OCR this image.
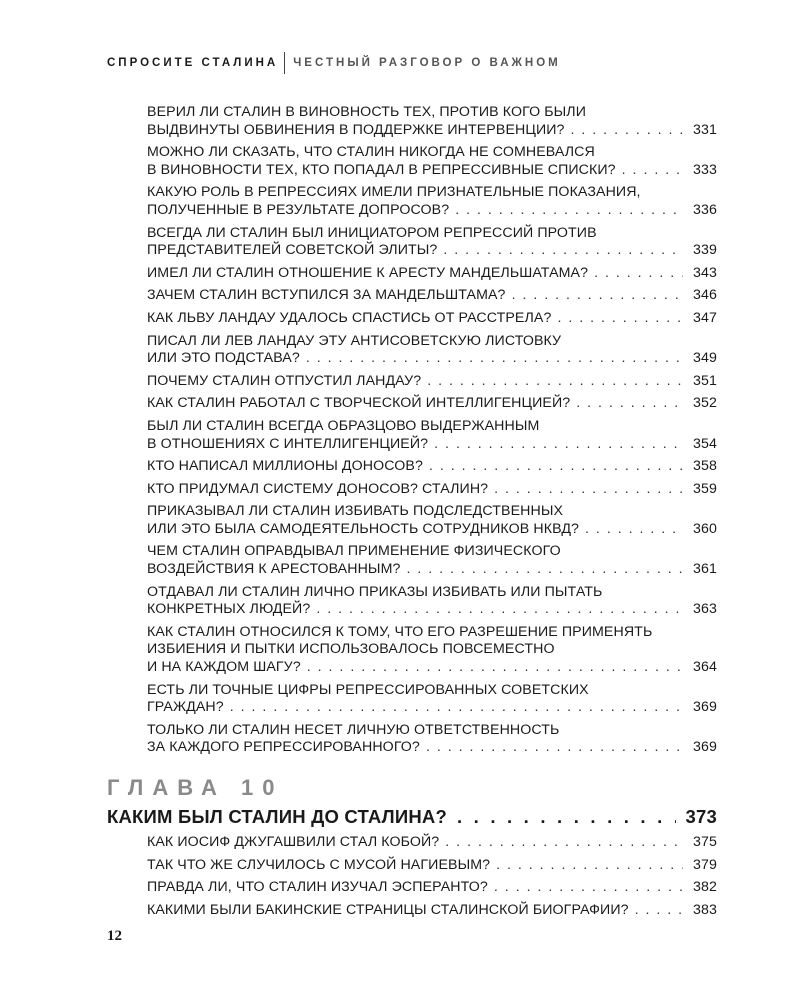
СПРОСИТЕ СТАЛИНА ЧЕСТНЫЙ РАЗГОВОР О ВАЖНОМ
ВЕРИЛ ЛИ СТАЛИН В ВИНОВНОСТЬ ТЕХ, ПРОТИВ КОГО БЫЛИ
ВЫДВИНУТЫ ОБВИНЕНИЯ В ПОДДЕРЖКЕ ИНТЕРВЕНЦИИ? . . .	331
МОЖНО ЛИ СКАЗАТЬ, ЧТО СТАЛИН НИКОГДА НЕ СОМНЕВАЛСЯ
В ВИНОВНОСТИ ТЕХ, КТО ПОПАДАЛ В РЕПРЕССИВНЫЕ СПИСКИ? . . .	333
КАКУЮ РОЛЬ В РЕПРЕССИЯХ ИМЕЛИ ПРИЗНАТЕЛЬНЫЕ ПОКАЗАНИЯ,
ПОЛУЧЕННЫЕ В РЕЗУЛЬТАТЕ ДОПРОСОВ? . . .	336
ВСЕГДА ЛИ СТАЛИН БЫЛ ИНИЦИАТОРОМ РЕПРЕССИЙ ПРОТИВ
ПРЕДСТАВИТЕЛЕЙ СОВЕТСКОЙ ЭЛИТЫ? . . .	339
ИМЕЛ ЛИ СТАЛИН ОТНОШЕНИЕ К АРЕСТУ МАНДЕЛЬШАТАМА? . . .	343
ЗАЧЕМ СТАЛИН ВСТУПИЛСЯ ЗА МАНДЕЛЬШТАМА? . . .	346
КАК ЛЬВУ ЛАНДАУ УДАЛОСЬ СПАСТИСЬ ОТ РАССТРЕЛА? . . .	347
ПИСАЛ ЛИ ЛЕВ ЛАНДАУ ЭТУ АНТИСОВЕТСКУЮ ЛИСТОВКУ
ИЛИ ЭТО ПОДСТАВА? . . .	349
ПОЧЕМУ СТАЛИН ОТПУСТИЛ ЛАНДАУ? . . .	351
КАК СТАЛИН РАБОТАЛ С ТВОРЧЕСКОЙ ИНТЕЛЛИГЕНЦИЕЙ? . . .	352
БЫЛ ЛИ СТАЛИН ВСЕГДА ОБРАЗЦОВО ВЫДЕРЖАННЫМ
В ОТНОШЕНИЯХ С ИНТЕЛЛИГЕНЦИЕЙ? . . .	354
КТО НАПИСАЛ МИЛЛИОНЫ ДОНОСОВ? . . .	358
КТО ПРИДУМАЛ СИСТЕМУ ДОНОСОВ? СТАЛИН? . . .	359
ПРИКАЗЫВАЛ ЛИ СТАЛИН ИЗБИВАТЬ ПОДСЛЕДСТВЕННЫХ
ИЛИ ЭТО БЫЛА САМОДЕЯТЕЛЬНОСТЬ СОТРУДНИКОВ НКВД? . . .	360
ЧЕМ СТАЛИН ОПРАВДЫВАЛ ПРИМЕНЕНИЕ ФИЗИЧЕСКОГО
ВОЗДЕЙСТВИЯ К АРЕСТОВАННЫМ? . . .	361
ОТДАВАЛ ЛИ СТАЛИН ЛИЧНО ПРИКАЗЫ ИЗБИВАТЬ ИЛИ ПЫТАТЬ
КОНКРЕТНЫХ ЛЮДЕЙ? . . .	363
КАК СТАЛИН ОТНОСИЛСЯ К ТОМУ, ЧТО ЕГО РАЗРЕШЕНИЕ ПРИМЕНЯТЬ
ИЗБИЕНИЯ И ПЫТКИ ИСПОЛЬЗОВАЛОСЬ ПОВСЕМЕСТНО
И НА КАЖДОМ ШАГУ? . . .	364
ЕСТЬ ЛИ ТОЧНЫЕ ЦИФРЫ РЕПРЕССИРОВАННЫХ СОВЕТСКИХ
ГРАЖДАН? . . .	369
ТОЛЬКО ЛИ СТАЛИН НЕСЕТ ЛИЧНУЮ ОТВЕТСТВЕННОСТЬ
ЗА КАЖДОГО РЕПРЕССИРОВАННОГО? . . .	369
ГЛАВА 10
КАКИМ БЫЛ СТАЛИН ДО СТАЛИНА? . . .	373
КАК ИОСИФ ДЖУГАШВИЛИ СТАЛ КОБОЙ? . . .	375
ТАК ЧТО ЖЕ СЛУЧИЛОСЬ С МУСОЙ НАГИЕВЫМ? . . .	379
ПРАВДА ЛИ, ЧТО СТАЛИН ИЗУЧАЛ ЭСПЕРАНТО? . . .	382
КАКИМИ БЫЛИ БАКИНСКИЕ СТРАНИЦЫ СТАЛИНСКОЙ БИОГРАФИИ? . . .	383
12
